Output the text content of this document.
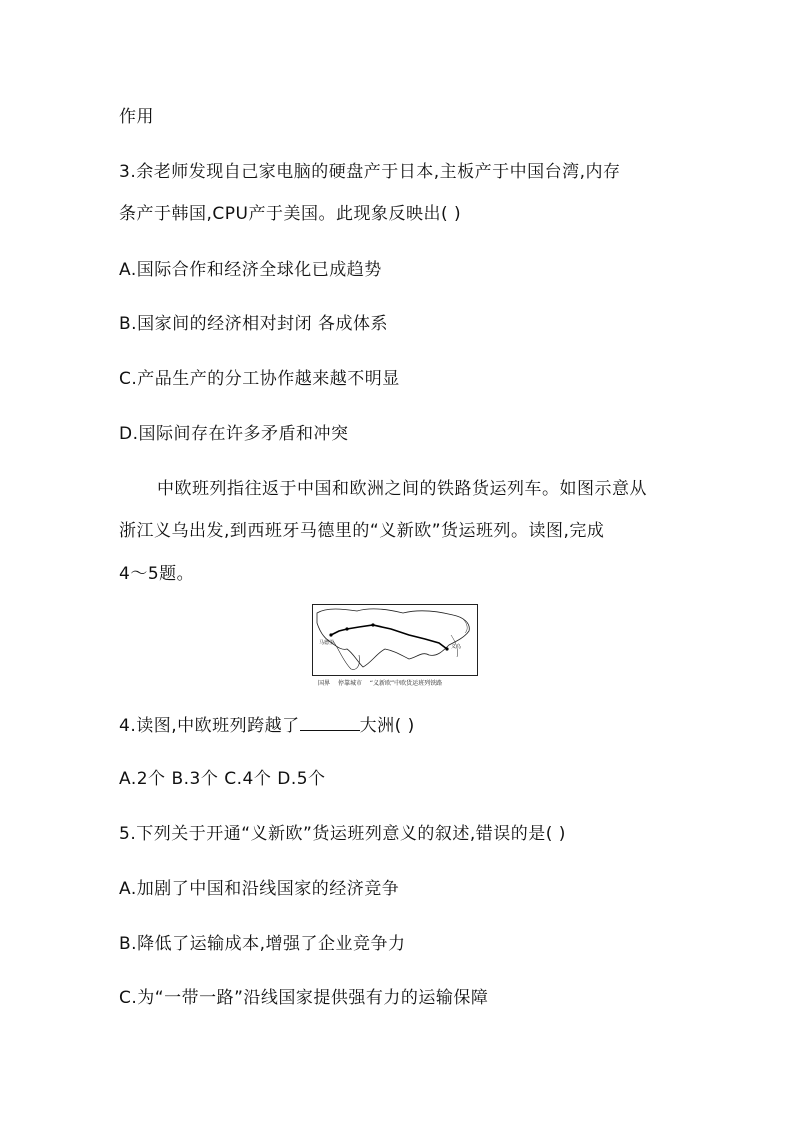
作用
3.余老师发现自己家电脑的硬盘产于日本,主板产于中国台湾,内存
条产于韩国,CPU产于美国。此现象反映出( )
A.国际合作和经济全球化已成趋势
B.国家间的经济相对封闭 各成体系
C.产品生产的分工协作越来越不明显
D.国际间存在许多矛盾和冲突
中欧班列指往返于中国和欧洲之间的铁路货运列车。如图示意从
浙江义乌出发,到西班牙马德里的“义新欧”货运班列。读图,完成
4～5题。
马德里
义乌
国界 停靠城市 “义新欧”中欧货运班列铁路
4.读图,中欧班列跨越了	大洲( )
A.2个 B.3个 C.4个 D.5个
5.下列关于开通“义新欧”货运班列意义的叙述,错误的是( )
A.加剧了中国和沿线国家的经济竞争
B.降低了运输成本,增强了企业竞争力
C.为“一带一路”沿线国家提供强有力的运输保障
